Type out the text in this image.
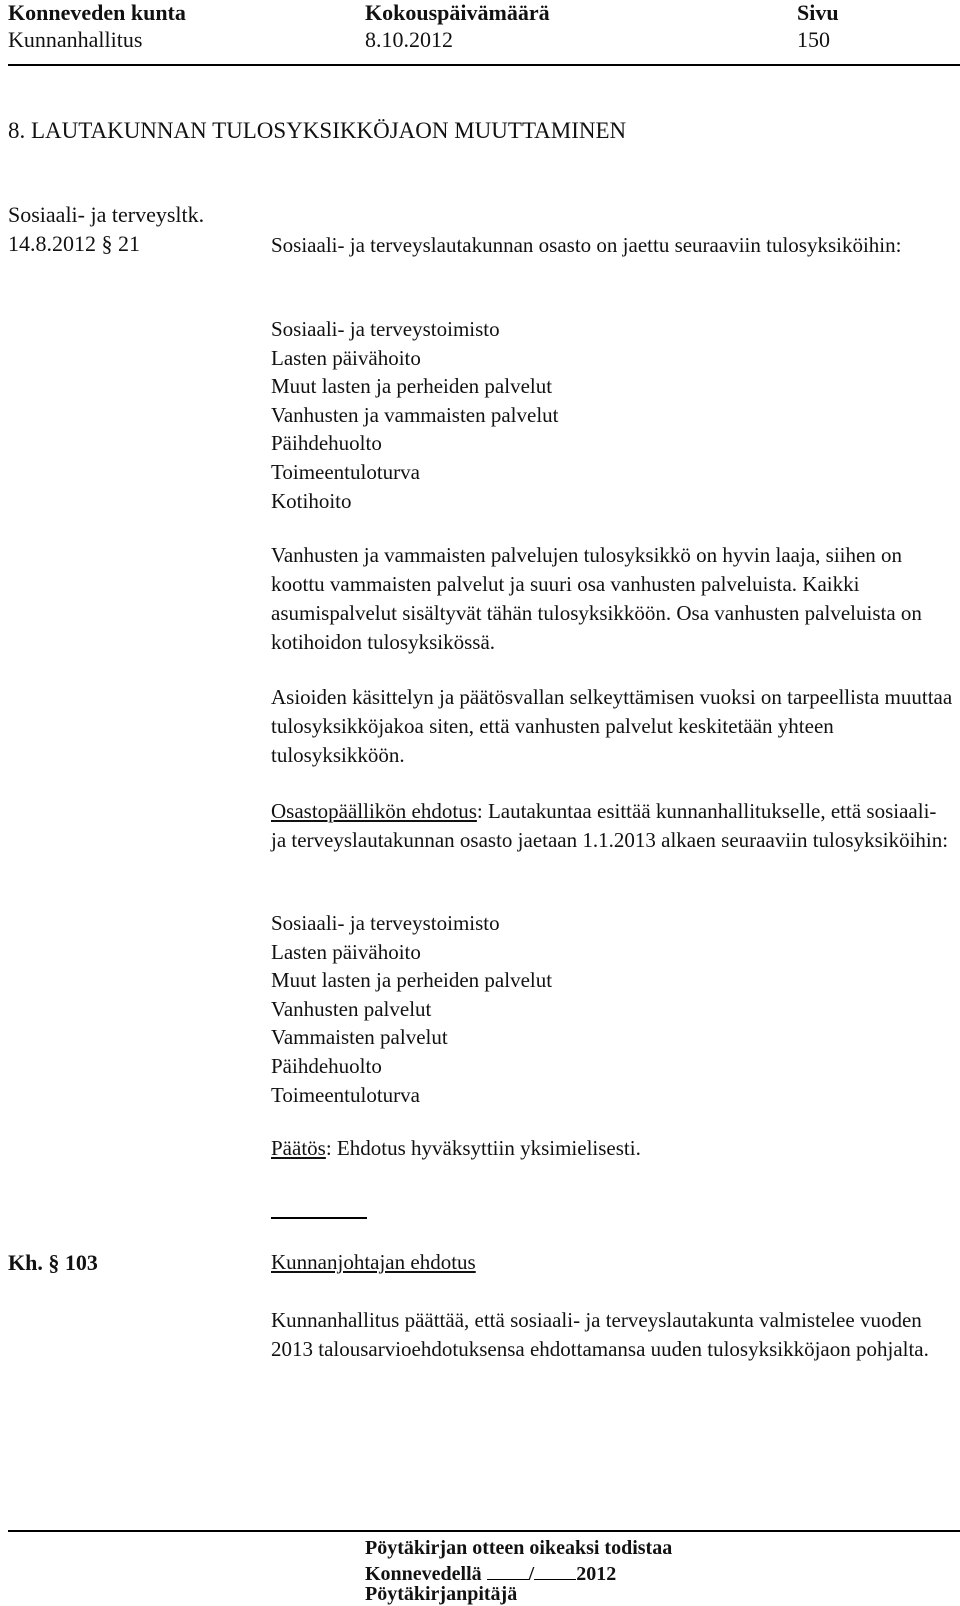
Konneveden kunta
Kunnanhallitus
Kokouspäivämäärä
8.10.2012
Sivu
150
8. LAUTAKUNNAN TULOSYKSIKKÖJAON MUUTTAMINEN
Sosiaali- ja terveysltk.
14.8.2012 § 21	Sosiaali- ja terveyslautakunnan osasto on jaettu seuraaviin tulosyksiköihin:
Sosiaali- ja terveystoimisto
Lasten päivähoito
Muut lasten ja perheiden palvelut
Vanhusten ja vammaisten palvelut
Päihdehuolto
Toimeentuloturva
Kotihoito
Vanhusten ja vammaisten palvelujen tulosyksikkö on hyvin laaja, siihen on koottu vammaisten palvelut ja suuri osa vanhusten palveluista. Kaikki asumispalvelut sisältyvät tähän tulosyksikköön. Osa vanhusten palveluista on kotihoidon tulosyksikössä.
Asioiden käsittelyn ja päätösvallan selkeyttämisen vuoksi on tarpeellista muuttaa tulosyksikköjakoa siten, että vanhusten palvelut keskitetään yhteen tulosyksikköön.
Osastopäällikön ehdotus: Lautakuntaa esittää kunnanhallitukselle, että sosiaali- ja terveyslautakunnan osasto jaetaan 1.1.2013 alkaen seuraaviin tulosyksiköihin:
Sosiaali- ja terveystoimisto
Lasten päivähoito
Muut lasten ja perheiden palvelut
Vanhusten palvelut
Vammaisten palvelut
Päihdehuolto
Toimeentuloturva
Päätös: Ehdotus hyväksyttiin yksimielisesti.
Kh. § 103	Kunnanjohtajan ehdotus
Kunnanhallitus päättää, että sosiaali- ja terveyslautakunta valmistelee vuoden 2013 talousarvioehdotuksensa ehdottamansa uuden tulosyksikköjaon pohjalta.
Pöytäkirjan otteen oikeaksi todistaa
Konnevedellä / 2012
Pöytäkirjanpitäjä
